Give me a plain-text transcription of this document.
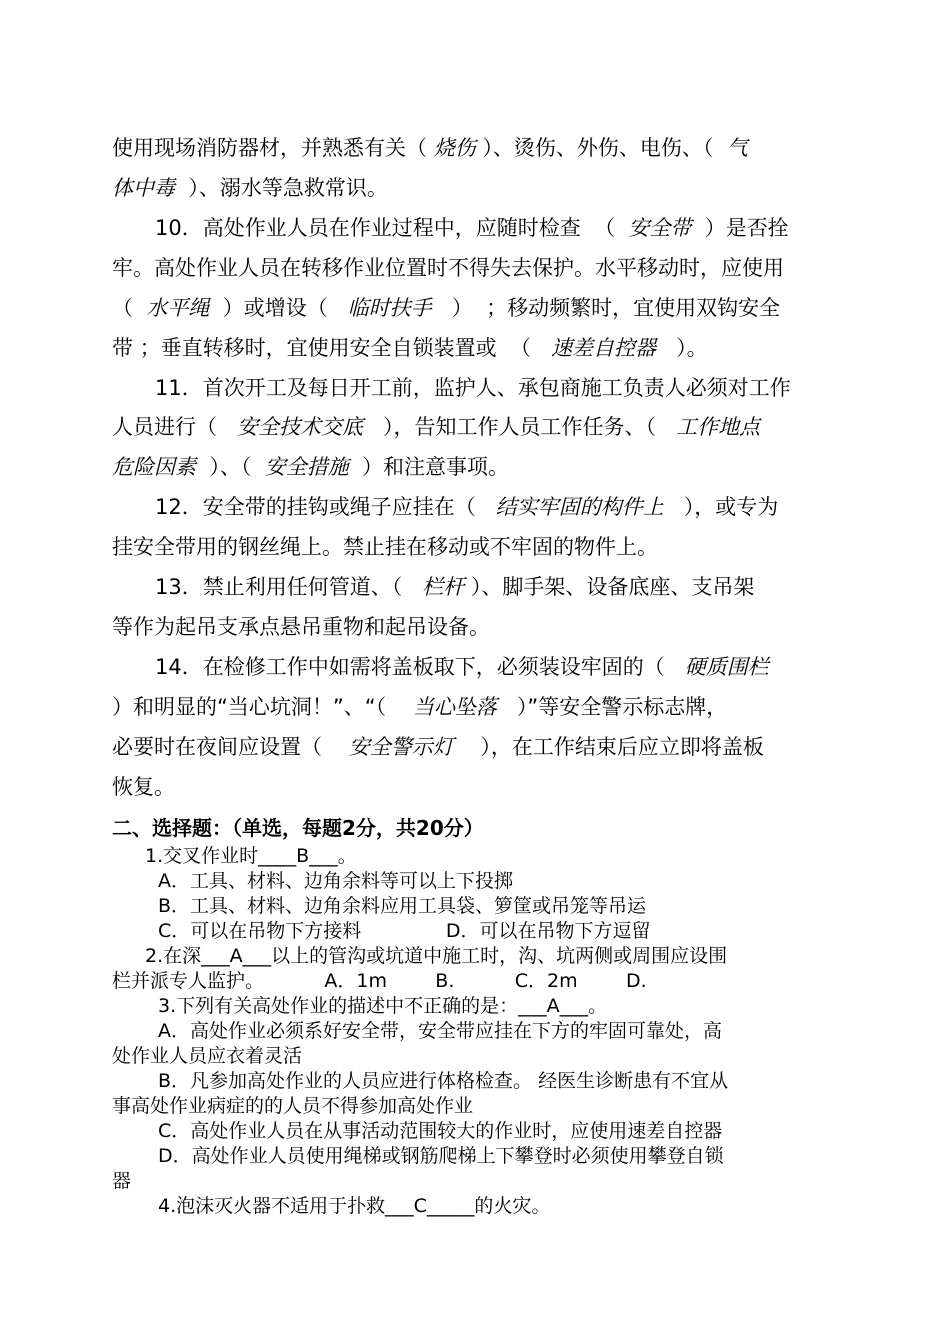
使用现场消防器材，并熟悉有关（ 烧伤 ）、烫伤、外伤、电伤、（  气
体中毒  ）、溺水等急救常识。
10．高处作业人员在作业过程中，应随时检查  （  安全带  ）是否拴
牢。高处作业人员在转移作业位置时不得失去保护。水平移动时，应使用
（  水平绳  ）或增设（   临时扶手   ）  ；移动频繁时，宜使用双钩安全
带 ；垂直转移时，宜使用安全自锁装置或  （   速差自控器   ）。
11．首次开工及每日开工前，监护人、承包商施工负责人必须对工作
人员进行（   安全技术交底   ），告知工作人员工作任务、（   工作地点
危险因素  ）、（  安全措施  ）和注意事项。
12．安全带的挂钩或绳子应挂在（   结实牢固的构件上   ），或专为
挂安全带用的钢丝绳上。禁止挂在移动或不牢固的物件上。
13．禁止利用任何管道、（   栏杆 ）、脚手架、设备底座、支吊架
等作为起吊支承点悬吊重物和起吊设备。
14．在检修工作中如需将盖板取下，必须装设牢固的（   硬质围栏
）和明显的“当心坑洞！”、“（    当心坠落   ）”等安全警示标志牌，
必要时在夜间应设置（    安全警示灯    ），在工作结束后应立即将盖板
恢复。
二、选择题：（单选，每题2分，共20分）
1.交叉作业时____B___。
A．工具、材料、边角余料等可以上下投掷
B．工具、材料、边角余料应用工具袋、箩筐或吊笼等吊运
C．可以在吊物下方接料              D．可以在吊物下方逗留
2.在深___A___以上的管沟或坑道中施工时，沟、坑两侧或周围应设围
栏并派专人监护。          A．1m        B.          C．2m        D.
3.下列有关高处作业的描述中不正确的是：___A___。
A．高处作业必须系好安全带，安全带应挂在下方的牢固可靠处，高
处作业人员应衣着灵活
B．凡参加高处作业的人员应进行体格检查。 经医生诊断患有不宜从
事高处作业病症的的人员不得参加高处作业
C．高处作业人员在从事活动范围较大的作业时，应使用速差自控器
D．高处作业人员使用绳梯或钢筋爬梯上下攀登时必须使用攀登自锁
器
4.泡沫灭火器不适用于扑救___C_____的火灾。
